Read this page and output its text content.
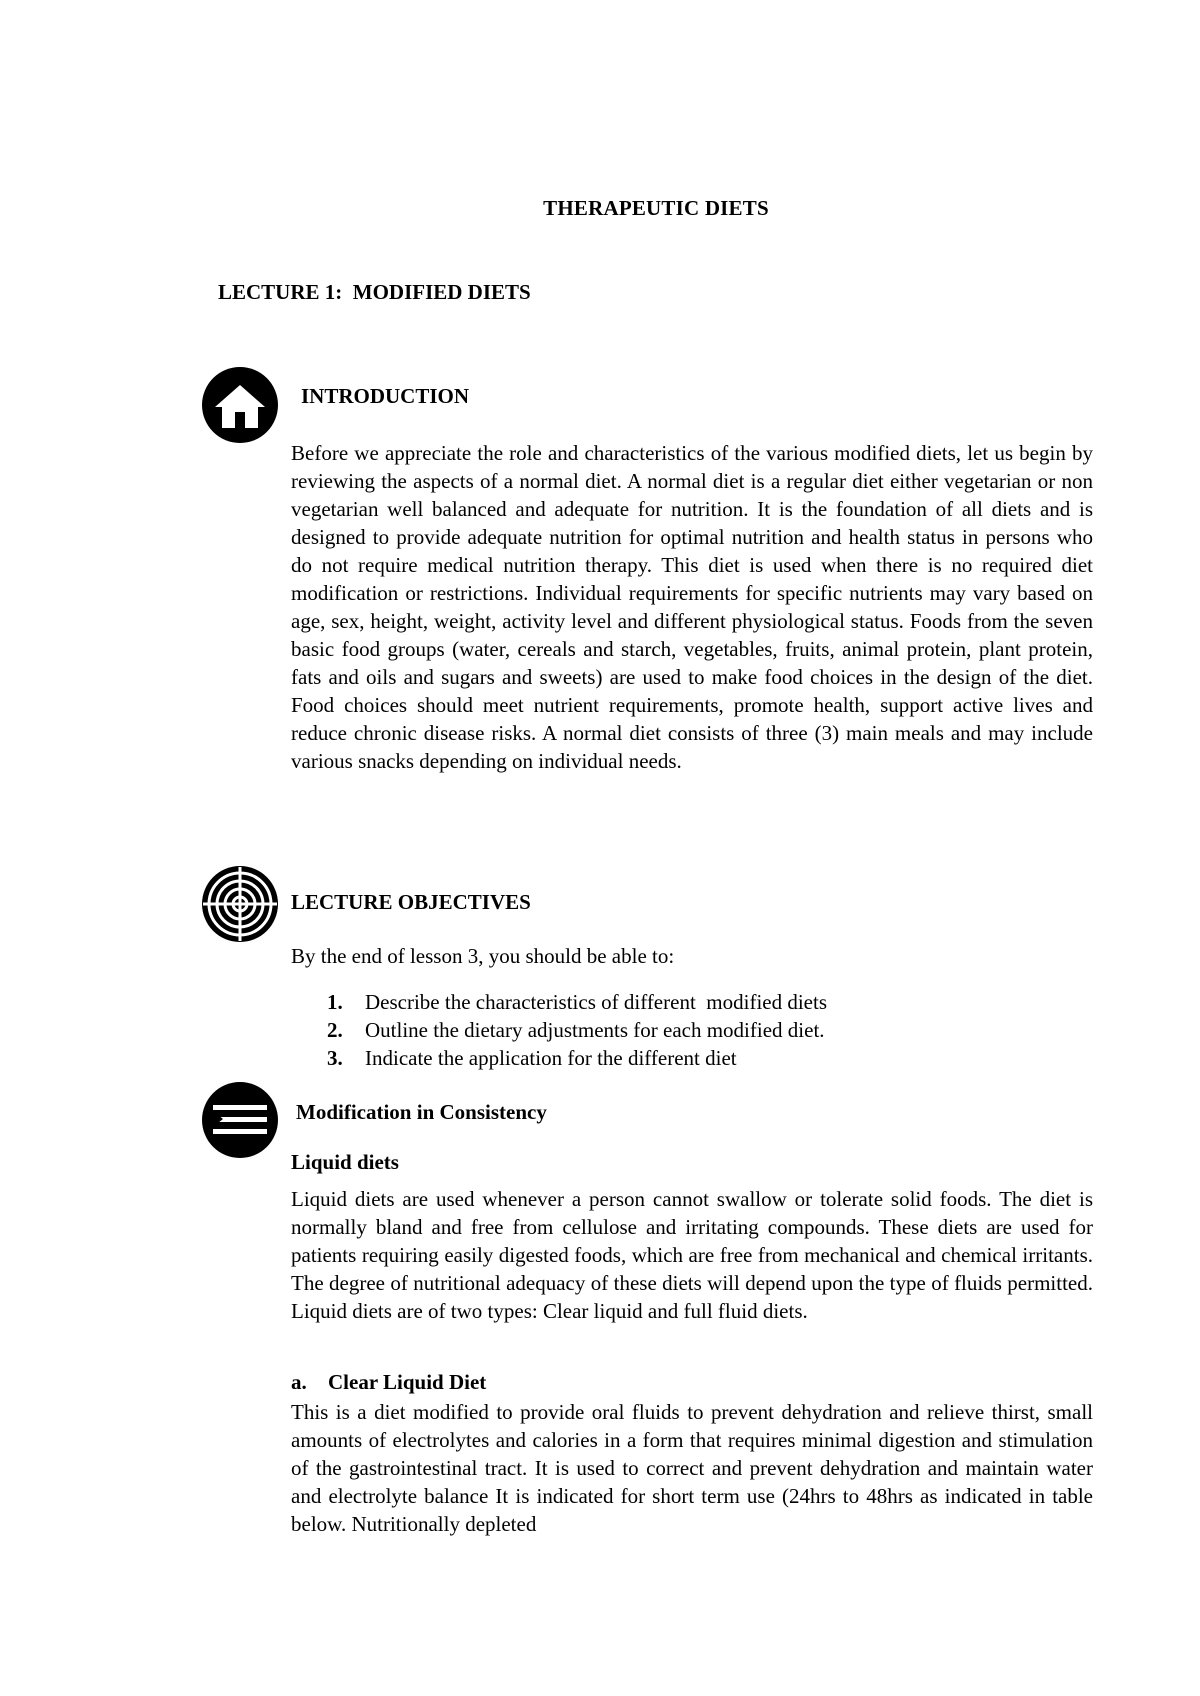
THERAPEUTIC DIETS
LECTURE 1:  MODIFIED DIETS
INTRODUCTION
Before we appreciate the role and characteristics of the various modified diets, let us begin by reviewing the aspects of a normal diet. A normal diet is a regular diet either vegetarian or non vegetarian well balanced and adequate for nutrition. It is the foundation of all diets and is designed to provide adequate nutrition for optimal nutrition and health status in persons who do not require medical nutrition therapy. This diet is used when there is no required diet modification or restrictions. Individual requirements for specific nutrients may vary based on age, sex, height, weight, activity level and different physiological status. Foods from the seven basic food groups (water, cereals and starch, vegetables, fruits, animal protein, plant protein, fats and oils and sugars and sweets) are used to make food choices in the design of the diet. Food choices should meet nutrient requirements, promote health, support active lives and reduce chronic disease risks. A normal diet consists of three (3) main meals and may include various snacks depending on individual needs.
LECTURE OBJECTIVES
By the end of lesson 3, you should be able to:
1. Describe the characteristics of different  modified diets
2. Outline the dietary adjustments for each modified diet.
3. Indicate the application for the different diet
Modification in Consistency
Liquid diets
Liquid diets are used whenever a person cannot swallow or tolerate solid foods. The diet is normally bland and free from cellulose and irritating compounds. These diets are used for patients requiring easily digested foods, which are free from mechanical and chemical irritants. The degree of nutritional adequacy of these diets will depend upon the type of fluids permitted. Liquid diets are of two types: Clear liquid and full fluid diets.
a. Clear Liquid Diet
This is a diet modified to provide oral fluids to prevent dehydration and relieve thirst, small amounts of electrolytes and calories in a form that requires minimal digestion and stimulation of the gastrointestinal tract. It is used to correct and prevent dehydration and maintain water and electrolyte balance It is indicated for short term use (24hrs to 48hrs as indicated in table below. Nutritionally depleted
